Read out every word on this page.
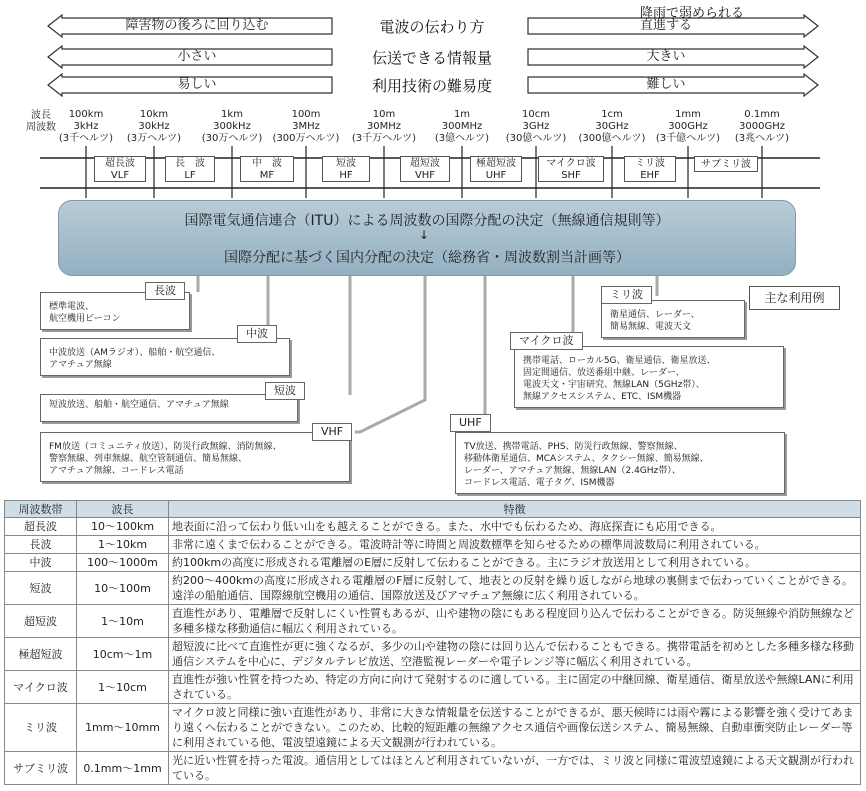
障害物の後ろに回り込む	電波の伝わり方	直進する
小さい	伝送できる情報量	大きい
易しい	利用技術の難易度	難しい
降雨で弱められる
波長
周波数
100km
3kHz
(3千ヘルツ)
10km
30kHz
(3万ヘルツ)
1km
300kHz
(30万ヘルツ)
100m
3MHz
(300万ヘルツ)
10m
30MHz
(3千万ヘルツ)
1m
300MHz
(3億ヘルツ)
10cm
3GHz
(30億ヘルツ)
1cm
30GHz
(300億ヘルツ)
1mm
300GHz
(3千億ヘルツ)
0.1mm
3000GHz
(3兆ヘルツ)
超長波
VLF
長　波
LF
中　波
MF
短波
HF
超短波
VHF
極超短波
UHF
マイクロ波
SHF
ミリ波
EHF
サブミリ波
国際電気通信連合（ITU）による周波数の国際分配の決定（無線通信規則等）
↓
国際分配に基づく国内分配の決定（総務省・周波数割当計画等）
主な利用例
標準電波、
航空機用ビーコン
長波
中波放送（AMラジオ）、船舶・航空通信、
アマチュア無線
中波
短波放送、船舶・航空通信、アマチュア無線
短波
FM放送（コミュニティ放送）、防災行政無線、消防無線、
警察無線、列車無線、航空管制通信、簡易無線、
アマチュア無線、コードレス電話
VHF
TV放送、携帯電話、PHS、防災行政無線、警察無線、
移動体衛星通信、MCAシステム、タクシー無線、簡易無線、
レーダー、アマチュア無線、無線LAN（2.4GHz帯）、
コードレス電話、電子タグ、ISM機器
UHF
携帯電話、ローカル5G、衛星通信、衛星放送、
固定間通信、放送番組中継、レーダー、
電波天文・宇宙研究、無線LAN（5GHz帯）、
無線アクセスシステム、ETC、ISM機器
マイクロ波
衛星通信、レーダー、
簡易無線、電波天文
ミリ波
周波数帯	波長	特徴
超長波	10～100km	地表面に沿って伝わり低い山をも越えることができる。また、水中でも伝わるため、海底探査にも応用できる。
長波	1～10km	非常に遠くまで伝わることができる。電波時計等に時間と周波数標準を知らせるための標準周波数局に利用されている。
中波	100～1000m	約100kmの高度に形成される電離層のE層に反射して伝わることができる。主にラジオ放送用として利用されている。
短波	10～100m	約200～400kmの高度に形成される電離層のF層に反射して、地表との反射を繰り返しながら地球の裏側まで伝わっていくことができる。遠洋の船舶通信、国際線航空機用の通信、国際放送及びアマチュア無線に広く利用されている。
超短波	1～10m	直進性があり、電離層で反射しにくい性質もあるが、山や建物の陰にもある程度回り込んで伝わることができる。防災無線や消防無線など多種多様な移動通信に幅広く利用されている。
極超短波	10cm～1m	超短波に比べて直進性が更に強くなるが、多少の山や建物の陰には回り込んで伝わることもできる。携帯電話を初めとした多種多様な移動通信システムを中心に、デジタルテレビ放送、空港監視レーダーや電子レンジ等に幅広く利用されている。
マイクロ波	1～10cm	直進性が強い性質を持つため、特定の方向に向けて発射するのに適している。主に固定の中継回線、衛星通信、衛星放送や無線LANに利用されている。
ミリ波	1mm～10mm	マイクロ波と同様に強い直進性があり、非常に大きな情報量を伝送することができるが、悪天候時には雨や霧による影響を強く受けてあまり遠くへ伝わることができない。このため、比較的短距離の無線アクセス通信や画像伝送システム、簡易無線、自動車衝突防止レーダー等に利用されている他、電波望遠鏡による天文観測が行われている。
サブミリ波	0.1mm～1mm	光に近い性質を持った電波。通信用としてはほとんど利用されていないが、一方では、ミリ波と同様に電波望遠鏡による天文観測が行われている。
